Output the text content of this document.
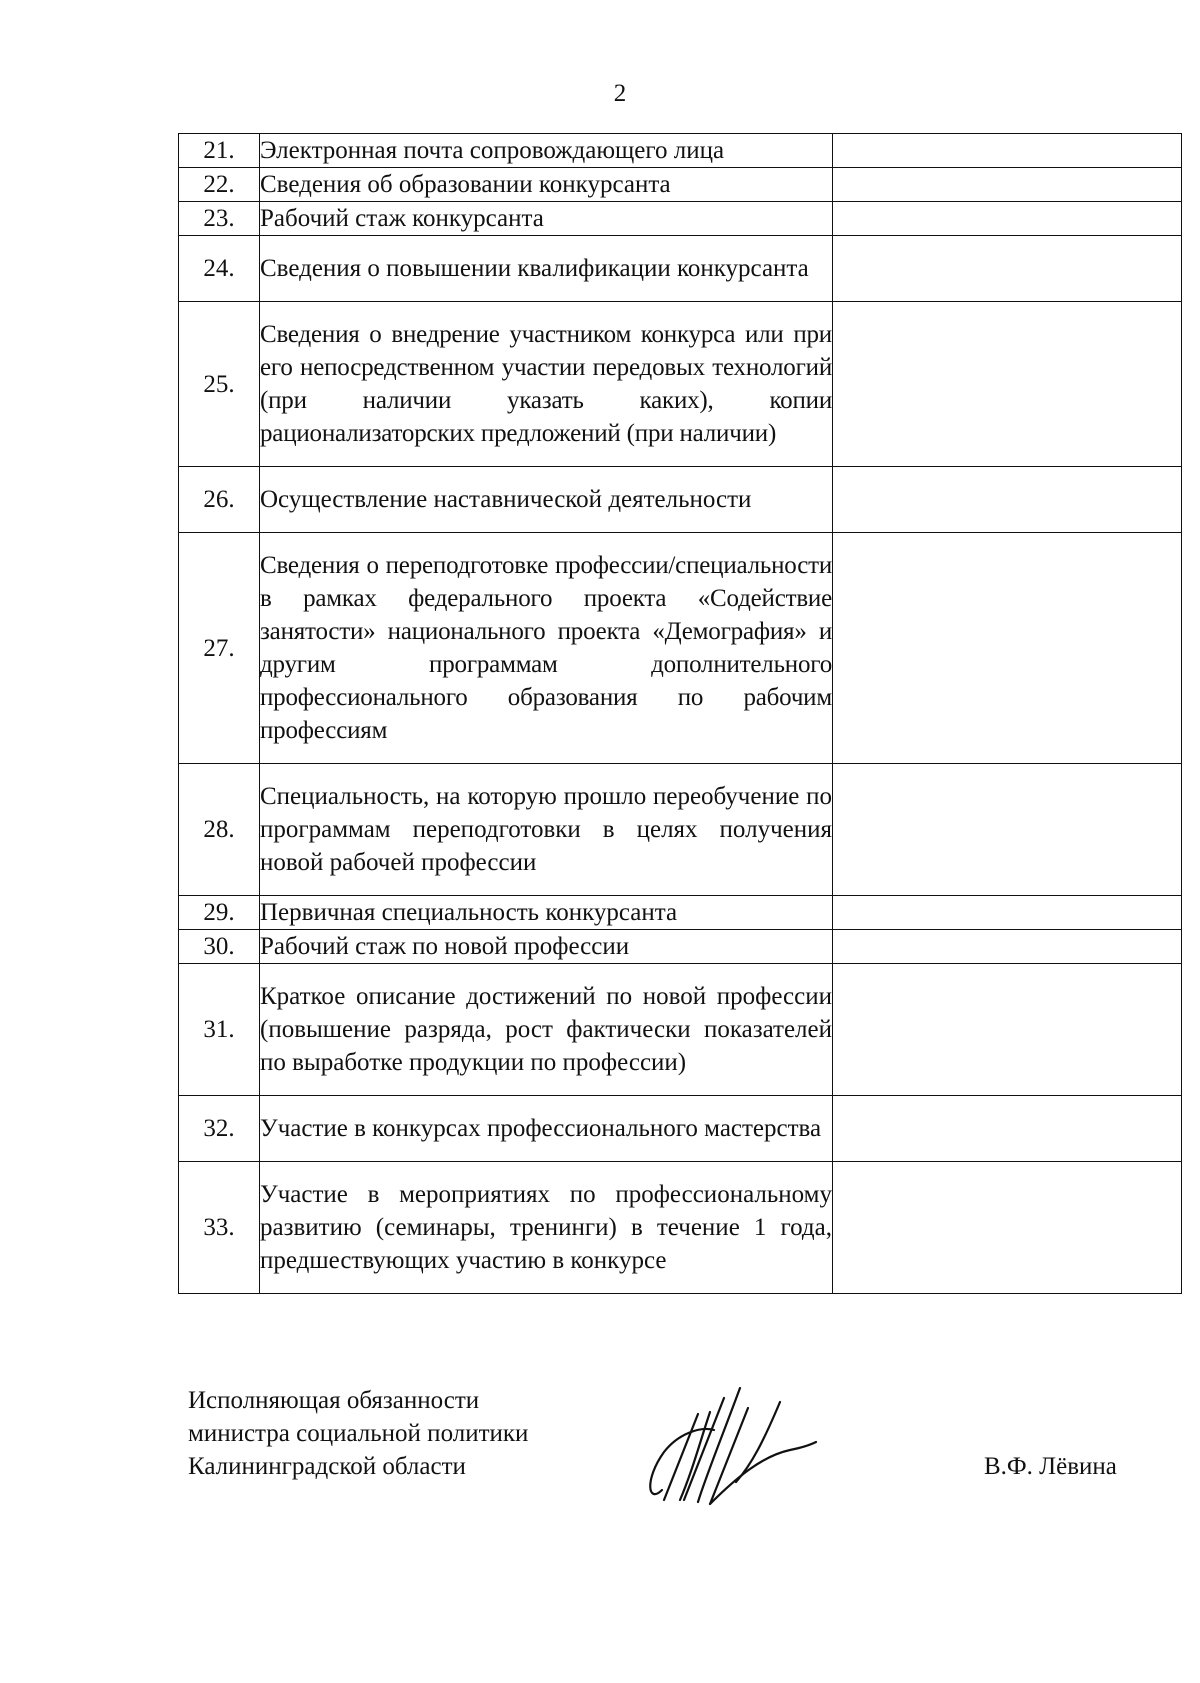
2
21.	Электронная почта сопровождающего лица	
22.	Сведения об образовании конкурсанта	
23.	Рабочий стаж конкурсанта	
24.	Сведения о повышении квалификации конкурсанта	
25.	Сведения о внедрение участником конкурса или при его непосредственном участии передовых технологий (при наличии указать каких), копии рационализаторских предложений (при наличии)	
26.	Осуществление наставнической деятельности	
27.	Сведения о переподготовке профессии/специальности в рамках федерального проекта «Содействие занятости» национального проекта «Демография» и другим программам дополнительного профессионального образования по рабочим профессиям	
28.	Специальность, на которую прошло переобучение по программам переподготовки в целях получения новой рабочей профессии	
29.	Первичная специальность конкурсанта	
30.	Рабочий стаж по новой профессии	
31.	Краткое описание достижений по новой профессии (повышение разряда, рост фактически показателей по выработке продукции по профессии)	
32.	Участие в конкурсах профессионального мастерства	
33.	Участие в мероприятиях по профессиональному развитию (семинары, тренинги) в течение 1 года, предшествующих участию в конкурсе	
Исполняющая обязанности
министра социальной политики
Калининградской области	В.Ф. Лёвина
